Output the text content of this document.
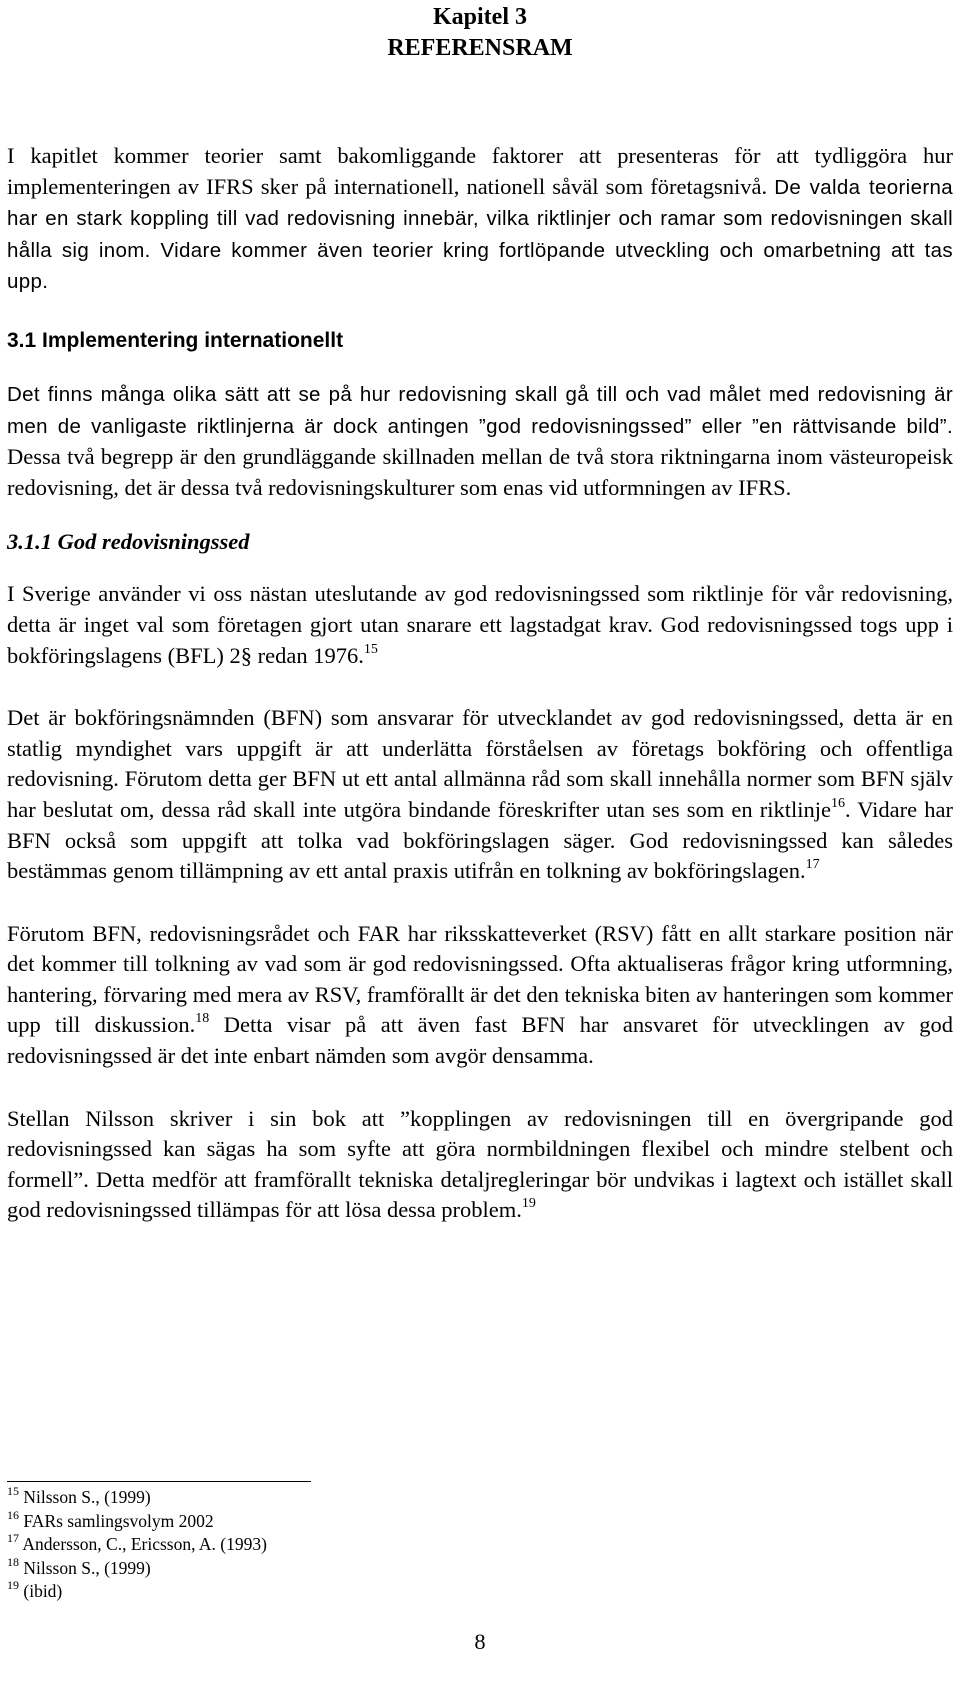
Kapitel 3
REFERENSRAM

I kapitlet kommer teorier samt bakomliggande faktorer att presenteras för att tydliggöra hur implementeringen av IFRS sker på internationell, nationell såväl som företagsnivå. De valda teorierna har en stark koppling till vad redovisning innebär, vilka riktlinjer och ramar som redovisningen skall hålla sig inom. Vidare kommer även teorier kring fortlöpande utveckling och omarbetning att tas upp.

3.1 Implementering internationellt

Det finns många olika sätt att se på hur redovisning skall gå till och vad målet med redovisning är men de vanligaste riktlinjerna är dock antingen ”god redovisningssed” eller ”en rättvisande bild”. Dessa två begrepp är den grundläggande skillnaden mellan de två stora riktningarna inom västeuropeisk redovisning, det är dessa två redovisningskulturer som enas vid utformningen av IFRS.

3.1.1 God redovisningssed

I Sverige använder vi oss nästan uteslutande av god redovisningssed som riktlinje för vår redovisning, detta är inget val som företagen gjort utan snarare ett lagstadgat krav. God redovisningssed togs upp i bokföringslagens (BFL) 2§ redan 1976.15

Det är bokföringsnämnden (BFN) som ansvarar för utvecklandet av god redovisningssed, detta är en statlig myndighet vars uppgift är att underlätta förståelsen av företags bokföring och offentliga redovisning. Förutom detta ger BFN ut ett antal allmänna råd som skall innehålla normer som BFN själv har beslutat om, dessa råd skall inte utgöra bindande föreskrifter utan ses som en riktlinje$^{16}$. Vidare har BFN också som uppgift att tolka vad bokföringslagen säger. God redovisningssed kan således bestämmas genom tillämpning av ett antal praxis utifrån en tolkning av bokföringslagen.$^{17}$

Förutom BFN, redovisningsrådet och FAR har riksskatteverket (RSV) fått en allt starkare position när det kommer till tolkning av vad som är god redovisningssed. Ofta aktualiseras frågor kring utformning, hantering, förvaring med mera av RSV, framförallt är det den tekniska biten av hanteringen som kommer upp till diskussion.$^{18}$ Detta visar på att även fast BFN har ansvaret för utvecklingen av god redovisningssed är det inte enbart nämden som avgör densamma.

Stellan Nilsson skriver i sin bok att ”kopplingen av redovisningen till en övergripande god redovisningssed kan sägas ha som syfte att göra normbildningen flexibel och mindre stelbent och formell”. Detta medför att framförallt tekniska detaljregleringar bör undvikas i lagtext och istället skall god redovisningssed tillämpas för att lösa dessa problem.$^{19}$

$^{15}$ Nilsson S., (1999)
$^{16}$ FARs samlingsvolym 2002
$^{17}$ Andersson, C., Ericsson, A. (1993)
$^{18}$ Nilsson S., (1999)
$^{19}$ (ibid)
8
